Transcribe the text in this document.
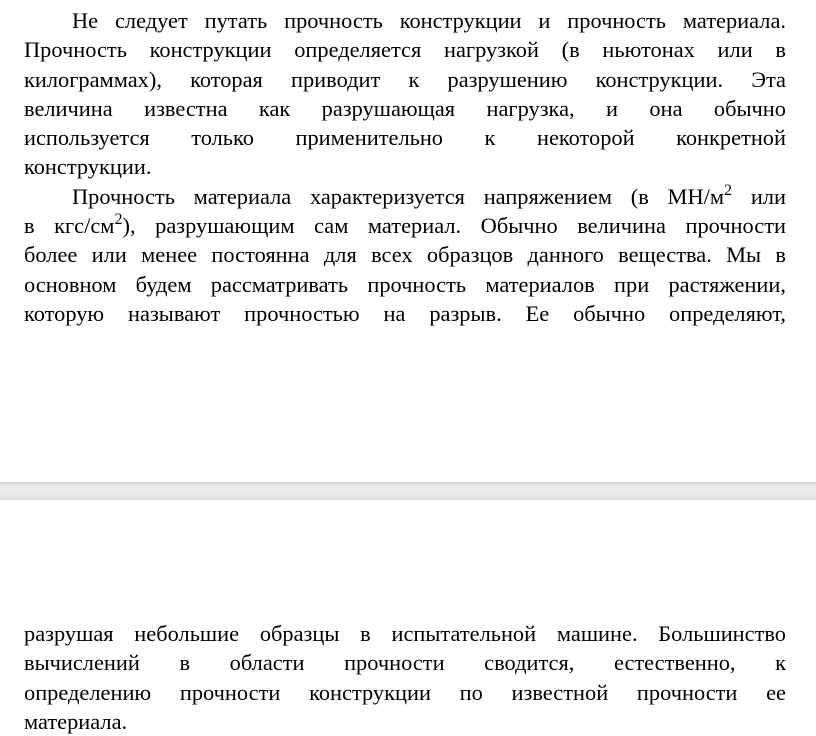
Не следует путать прочность конструкции и прочность материала.
Прочность конструкции определяется нагрузкой (в ньютонах или в
килограммах), которая приводит к разрушению конструкции. Эта
величина известна как разрушающая нагрузка, и она обычно
используется только применительно к некоторой конкретной
конструкции.
Прочность материала характеризуется напряжением (в $МН/м^2$ или
в кгс/$см^2$), разрушающим сам материал. Обычно величина прочности
более или менее постоянна для всех образцов данного вещества. Мы в
основном будем рассматривать прочность материалов при растяжении,
которую называют прочностью на разрыв. Ее обычно определяют,
разрушая небольшие образцы в испытательной машине. Большинство
вычислений в области прочности сводится, естественно, к
определению прочности конструкции по известной прочности ее
материала.
